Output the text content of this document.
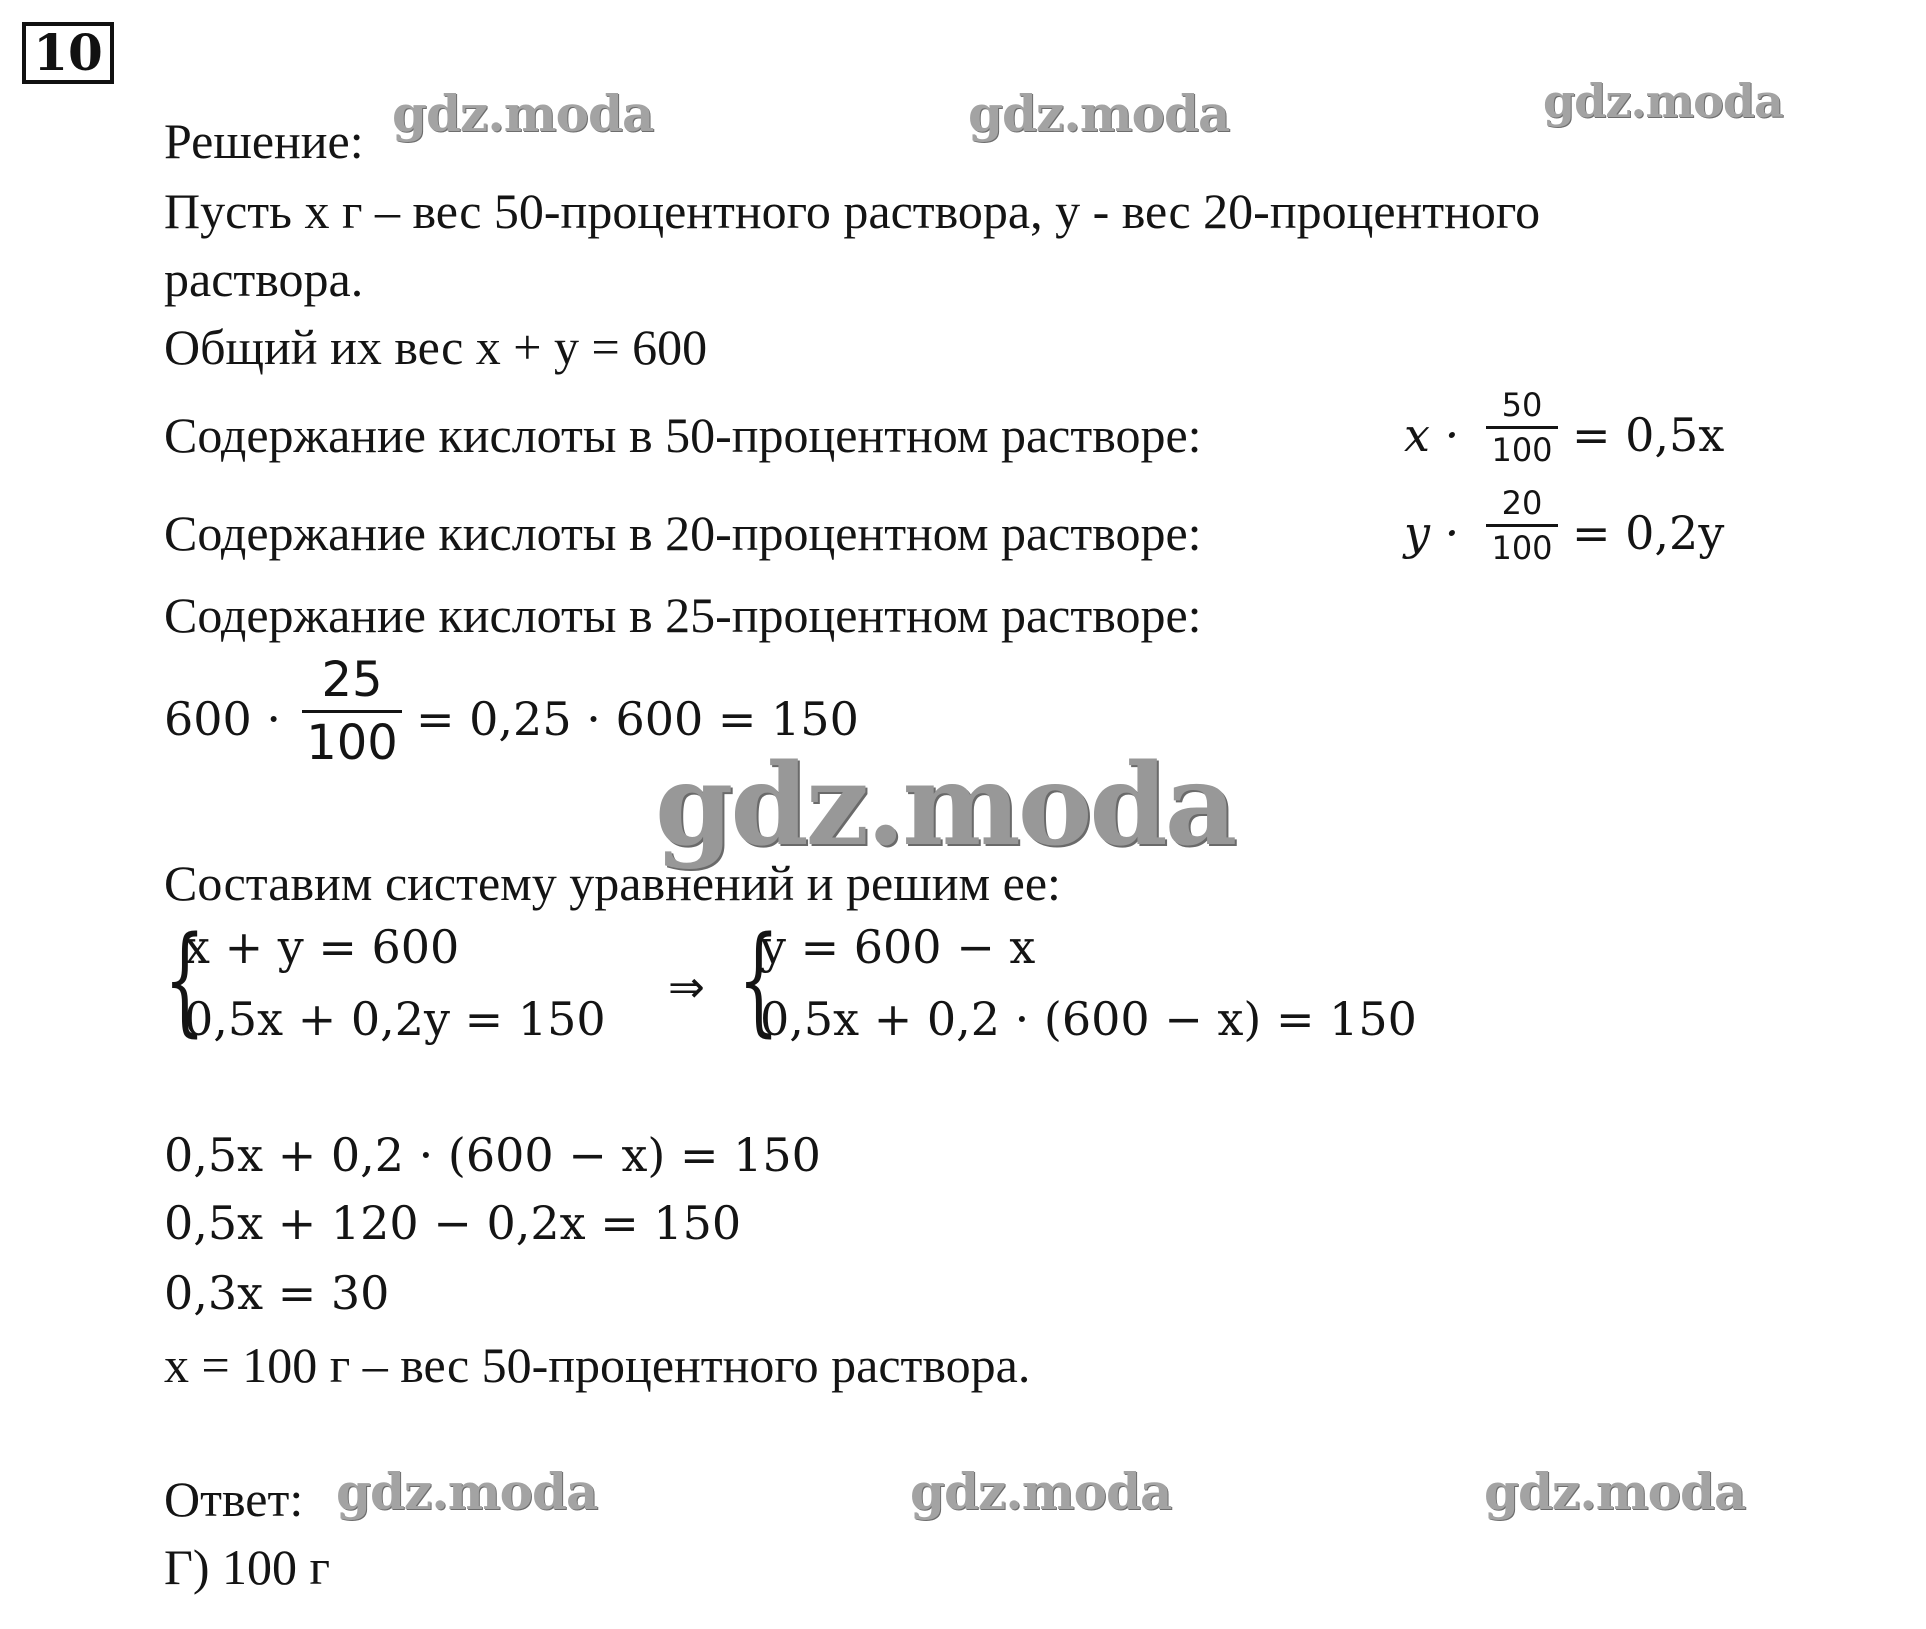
10
gdz.moda	gdz.moda	gdz.moda
Решение:
Пусть x г – вес 50-процентного раствора, y - вес 20-процентного
раствора.
Общий их вес x + y = 600
Содержание кислоты в 50-процентном растворе:	x ·
50
100 = 0,5x
Содержание кислоты в 20-процентном растворе:	y ·
20
100 = 0,2y
Содержание кислоты в 25-процентном растворе:
600 ·
25
100 = 0,25 · 600 = 150
gdz.moda
Составим систему уравнений и решим ее:
{
x + y = 600
0,5x + 0,2y = 150
⇒ {
y = 600 − x
0,5x + 0,2 · (600 − x) = 150
0,5x + 0,2 · (600 − x) = 150
0,5x + 120 − 0,2x = 150
0,3x = 30
x = 100 г – вес 50-процентного раствора.
Ответ: gdz.moda	gdz.moda	gdz.moda
Г) 100 г
